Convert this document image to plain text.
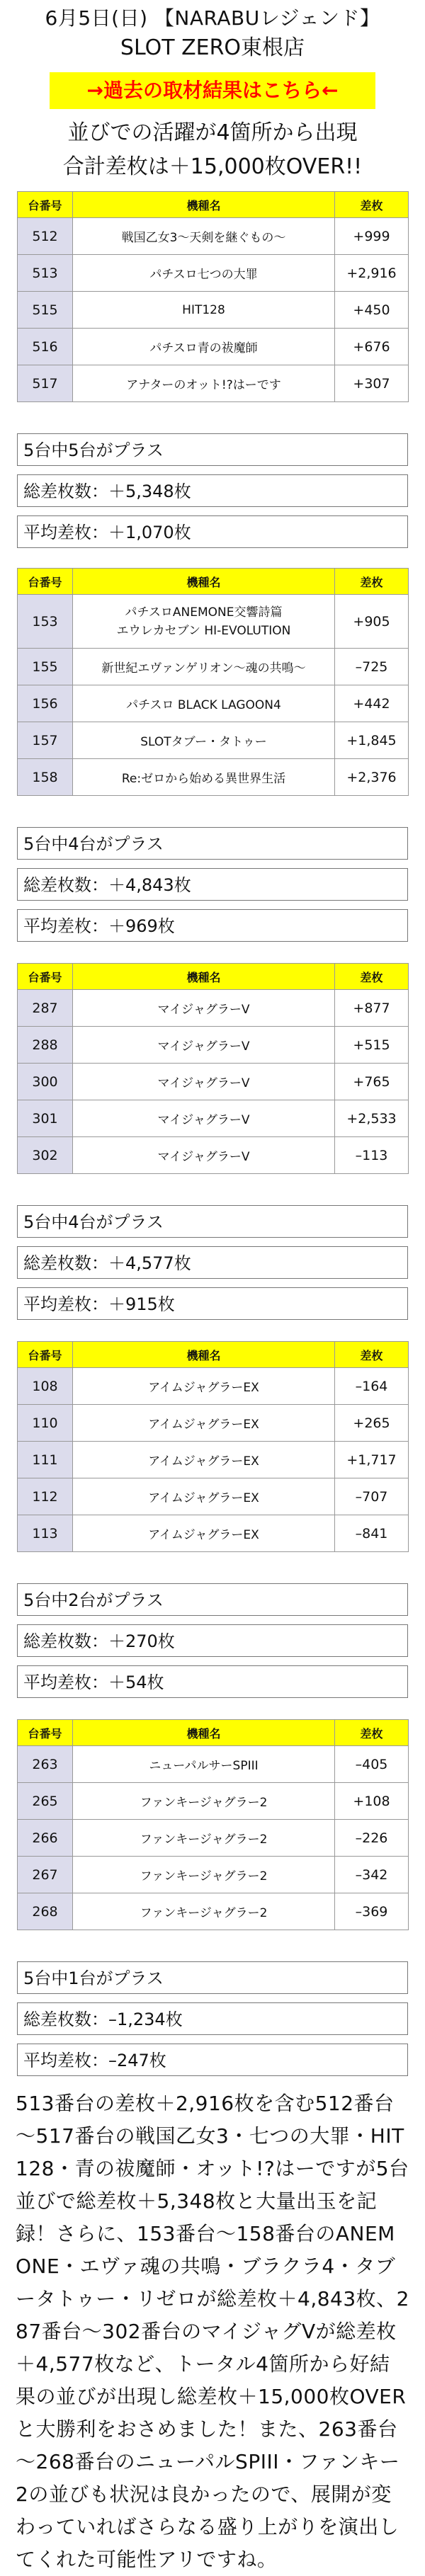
6月5日(日) 【NARABUレジェンド】
SLOT ZERO東根店
→過去の取材結果はこちら←
並びでの活躍が4箇所から出現
合計差枚は＋15,000枚OVER!!
台番号	機種名	差枚
512	戦国乙女3～天剣を継ぐもの～	+999
513	パチスロ七つの大罪	+2,916
515	HIT128	+450
516	パチスロ青の祓魔師	+676
517	アナターのオット!?はーです	+307
5台中5台がプラス
総差枚数：＋5,348枚
平均差枚：＋1,070枚
台番号	機種名	差枚
153	パチスロANEMONE交響詩篇
エウレカセブン HI-EVOLUTION	+905
155	新世紀エヴァンゲリオン～魂の共鳴～	–725
156	パチスロ BLACK LAGOON4	+442
157	SLOTタブー・タトゥー	+1,845
158	Re:ゼロから始める異世界生活	+2,376
5台中4台がプラス
総差枚数：＋4,843枚
平均差枚：＋969枚
台番号	機種名	差枚
287	マイジャグラーV	+877
288	マイジャグラーV	+515
300	マイジャグラーV	+765
301	マイジャグラーV	+2,533
302	マイジャグラーV	–113
5台中4台がプラス
総差枚数：＋4,577枚
平均差枚：＋915枚
台番号	機種名	差枚
108	アイムジャグラーEX	–164
110	アイムジャグラーEX	+265
111	アイムジャグラーEX	+1,717
112	アイムジャグラーEX	–707
113	アイムジャグラーEX	–841
5台中2台がプラス
総差枚数：＋270枚
平均差枚：＋54枚
台番号	機種名	差枚
263	ニューパルサーSPIII	–405
265	ファンキージャグラー2	+108
266	ファンキージャグラー2	–226
267	ファンキージャグラー2	–342
268	ファンキージャグラー2	–369
5台中1台がプラス
総差枚数：–1,234枚
平均差枚：–247枚
513番台の差枚＋2,916枚を含む512番台～517番台の戦国乙女3・七つの大罪・HIT128・青の祓魔師・オット!?はーですが5台並びで総差枚＋5,348枚と大量出玉を記録！さらに、153番台～158番台のANEMONE・エヴァ魂の共鳴・ブラクラ4・タブータトゥー・リゼロが総差枚＋4,843枚、287番台～302番台のマイジャグVが総差枚＋4,577枚など、トータル4箇所から好結果の並びが出現し総差枚＋15,000枚OVERと大勝利をおさめました！また、263番台～268番台のニューパルSPIII・ファンキー2の並びも状況は良かったので、展開が変わっていればさらなる盛り上がりを演出してくれた可能性アリですね。
